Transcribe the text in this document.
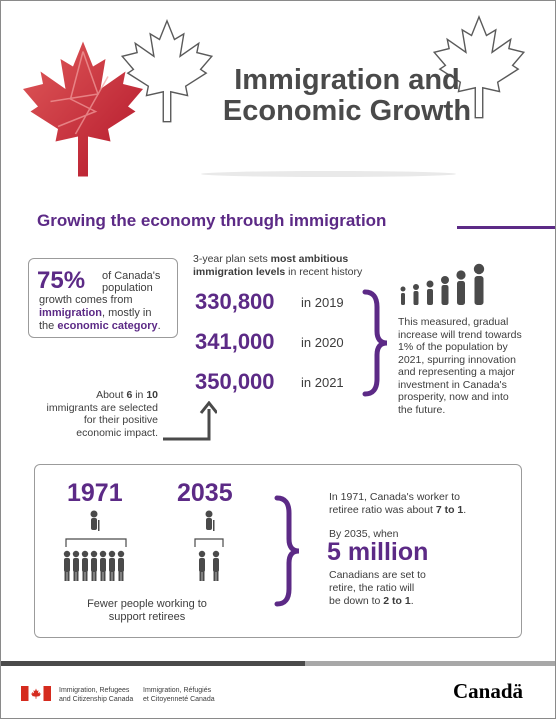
Immigration and
Economic Growth
Growing the economy through immigration
75% of Canada's
population
growth comes from
immigration, mostly in
the economic category.
3-year plan sets most ambitious
immigration levels in recent history
330,800 in 2019
341,000 in 2020
350,000 in 2021
This measured, gradual
increase will trend towards
1% of the population by
2021, spurring innovation
and representing a major
investment in Canada's
prosperity, now and into
the future.
About 6 in 10
immigrants are selected
for their positive
economic impact.
1971 2035
Fewer people working to
support retirees
In 1971, Canada's worker to
retiree ratio was about 7 to 1.
By 2035, when
5 million
Canadians are set to
retire, the ratio will
be down to 2 to 1.
Immigration, Refugees
and Citizenship Canada
Immigration, Réfugiés
et Citoyenneté Canada	Canadä
